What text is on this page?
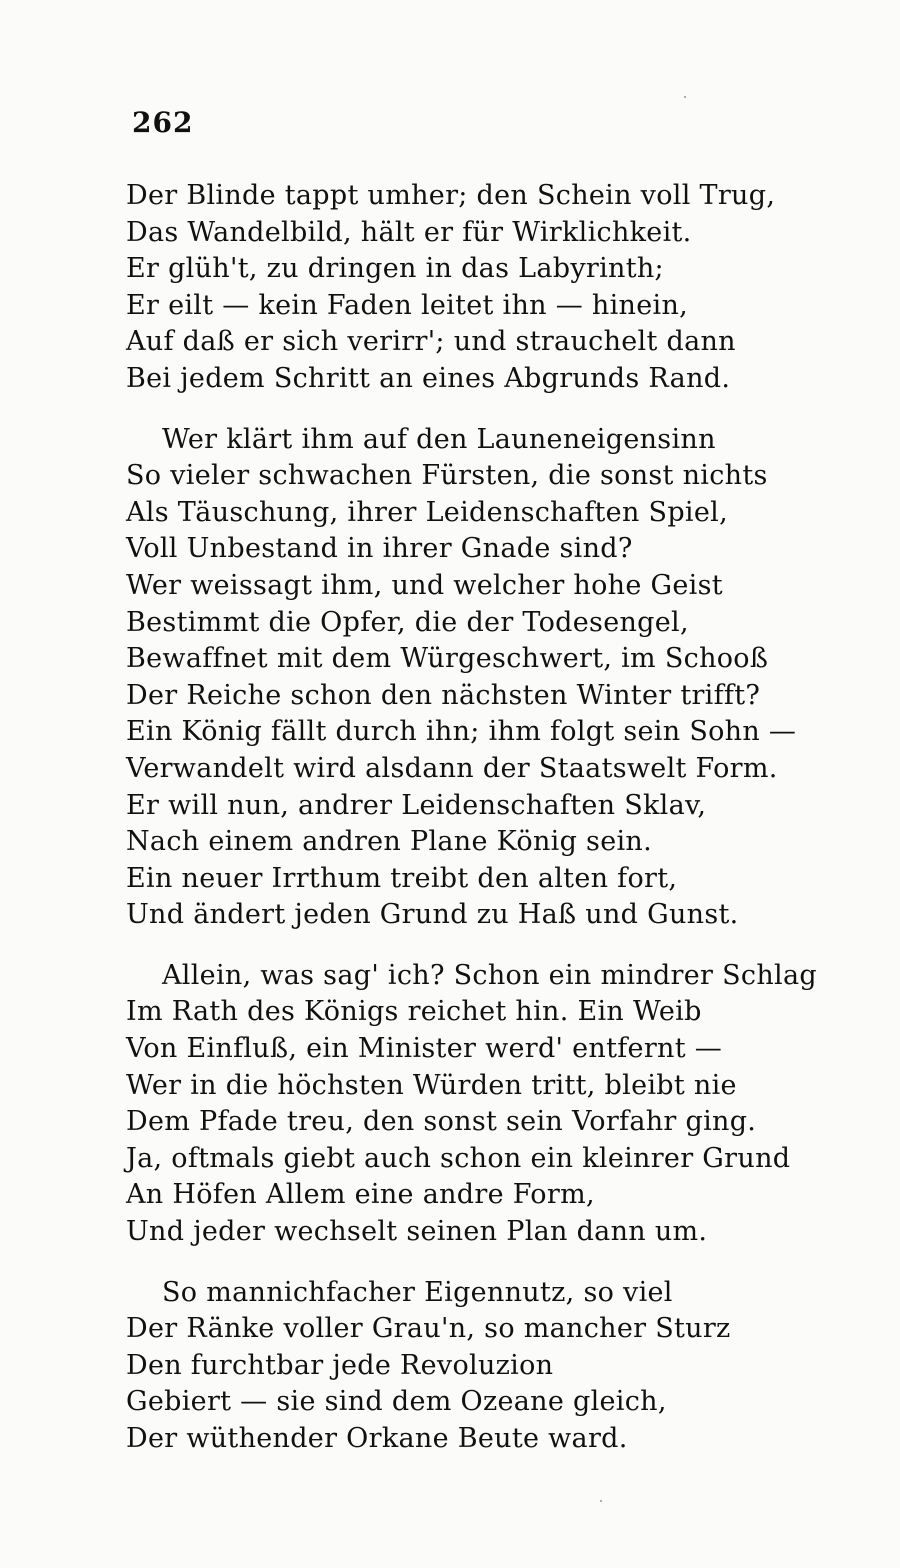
262
Der Blinde tappt umher; den Schein voll Trug,
Das Wandelbild, hält er für Wirklichkeit.
Er glüh't, zu dringen in das Labyrinth;
Er eilt — kein Faden leitet ihn — hinein,
Auf daß er sich verirr'; und strauchelt dann
Bei jedem Schritt an eines Abgrunds Rand.
Wer klärt ihm auf den Launeneigensinn
So vieler schwachen Fürsten, die sonst nichts
Als Täuschung, ihrer Leidenschaften Spiel,
Voll Unbestand in ihrer Gnade sind?
Wer weissagt ihm, und welcher hohe Geist
Bestimmt die Opfer, die der Todesengel,
Bewaffnet mit dem Würgeschwert, im Schooß
Der Reiche schon den nächsten Winter trifft?
Ein König fällt durch ihn; ihm folgt sein Sohn —
Verwandelt wird alsdann der Staatswelt Form.
Er will nun, andrer Leidenschaften Sklav,
Nach einem andren Plane König sein.
Ein neuer Irrthum treibt den alten fort,
Und ändert jeden Grund zu Haß und Gunst.
Allein, was sag' ich? Schon ein mindrer Schlag
Im Rath des Königs reichet hin. Ein Weib
Von Einfluß, ein Minister werd' entfernt —
Wer in die höchsten Würden tritt, bleibt nie
Dem Pfade treu, den sonst sein Vorfahr ging.
Ja, oftmals giebt auch schon ein kleinrer Grund
An Höfen Allem eine andre Form,
Und jeder wechselt seinen Plan dann um.
So mannichfacher Eigennutz, so viel
Der Ränke voller Grau'n, so mancher Sturz
Den furchtbar jede Revoluzion
Gebiert — sie sind dem Ozeane gleich,
Der wüthender Orkane Beute ward.
